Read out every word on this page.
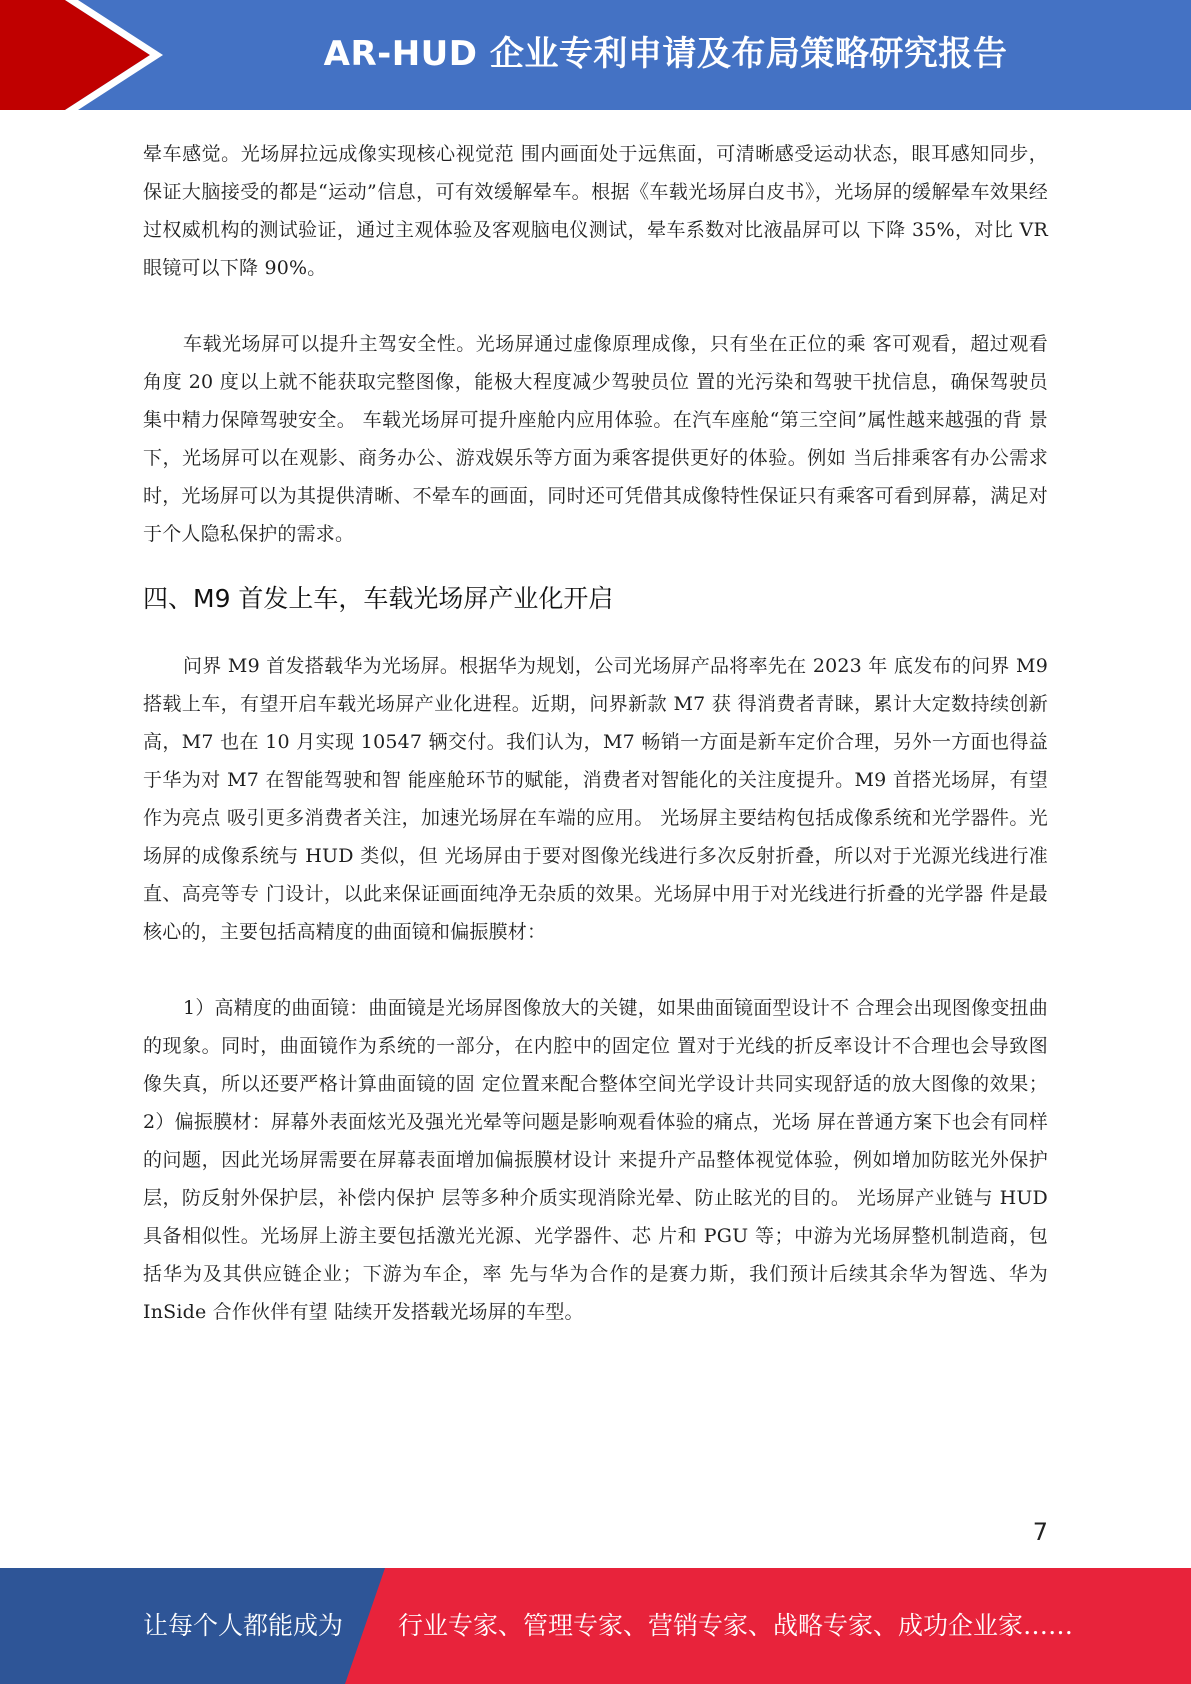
AR-HUD 企业专利申请及布局策略研究报告

晕车感觉。光场屏拉远成像实现核心视觉范 围内画面处于远焦面，可清晰感受运动状态，眼耳感知同步，保证大脑接受的都是“运动”信息，可有效缓解晕车。根据《车载光场屏白皮书》，光场屏的缓解晕车效果经 过权威机构的测试验证，通过主观体验及客观脑电仪测试，晕车系数对比液晶屏可以 下降 35%，对比 VR 眼镜可以下降 90%。

车载光场屏可以提升主驾安全性。光场屏通过虚像原理成像，只有坐在正位的乘 客可观看，超过观看角度 20 度以上就不能获取完整图像，能极大程度减少驾驶员位 置的光污染和驾驶干扰信息，确保驾驶员集中精力保障驾驶安全。 车载光场屏可提升座舱内应用体验。在汽车座舱“第三空间”属性越来越强的背 景下，光场屏可以在观影、商务办公、游戏娱乐等方面为乘客提供更好的体验。例如 当后排乘客有办公需求时，光场屏可以为其提供清晰、不晕车的画面，同时还可凭借其成像特性保证只有乘客可看到屏幕，满足对于个人隐私保护的需求。

四、M9 首发上车，车载光场屏产业化开启

问界 M9 首发搭载华为光场屏。根据华为规划，公司光场屏产品将率先在 2023 年 底发布的问界 M9 搭载上车，有望开启车载光场屏产业化进程。近期，问界新款 M7 获 得消费者青睐，累计大定数持续创新高，M7 也在 10 月实现 10547 辆交付。我们认为，M7 畅销一方面是新车定价合理，另外一方面也得益于华为对 M7 在智能驾驶和智 能座舱环节的赋能，消费者对智能化的关注度提升。M9 首搭光场屏，有望作为亮点 吸引更多消费者关注，加速光场屏在车端的应用。 光场屏主要结构包括成像系统和光学器件。光场屏的成像系统与 HUD 类似，但 光场屏由于要对图像光线进行多次反射折叠，所以对于光源光线进行准直、高亮等专 门设计，以此来保证画面纯净无杂质的效果。光场屏中用于对光线进行折叠的光学器 件是最核心的，主要包括高精度的曲面镜和偏振膜材：

1）高精度的曲面镜：曲面镜是光场屏图像放大的关键，如果曲面镜面型设计不 合理会出现图像变扭曲的现象。同时，曲面镜作为系统的一部分，在内腔中的固定位 置对于光线的折反率设计不合理也会导致图像失真，所以还要严格计算曲面镜的固 定位置来配合整体空间光学设计共同实现舒适的放大图像的效果； 2）偏振膜材：屏幕外表面炫光及强光光晕等问题是影响观看体验的痛点，光场 屏在普通方案下也会有同样的问题，因此光场屏需要在屏幕表面增加偏振膜材设计 来提升产品整体视觉体验，例如增加防眩光外保护层，防反射外保护层，补偿内保护 层等多种介质实现消除光晕、防止眩光的目的。 光场屏产业链与 HUD 具备相似性。光场屏上游主要包括激光光源、光学器件、芯 片和 PGU 等；中游为光场屏整机制造商，包括华为及其供应链企业；下游为车企，率 先与华为合作的是赛力斯，我们预计后续其余华为智选、华为 InSide 合作伙伴有望 陆续开发搭载光场屏的车型。

7
让每个人都能成为 行业专家、管理专家、营销专家、战略专家、成功企业家……
